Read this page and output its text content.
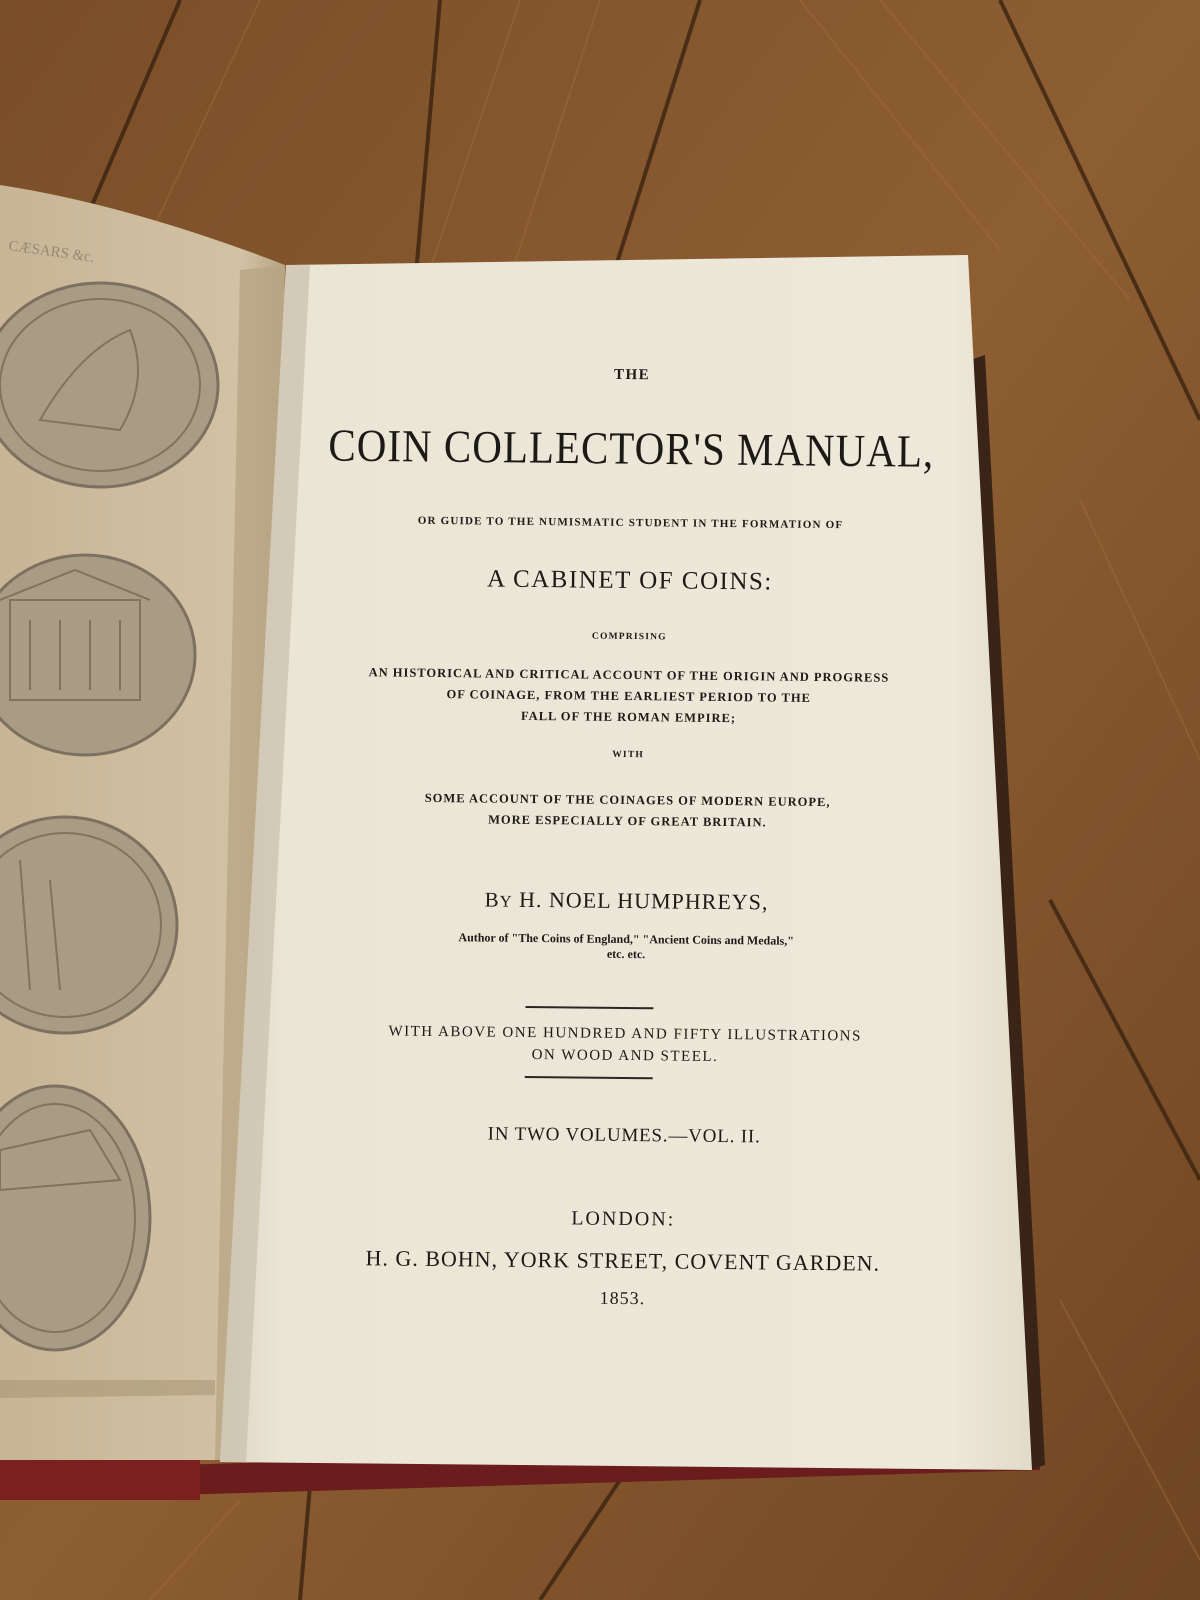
CÆSARS &c.

THE

COIN COLLECTOR'S MANUAL,

OR GUIDE TO THE NUMISMATIC STUDENT IN THE FORMATION OF

A CABINET OF COINS:

COMPRISING

AN HISTORICAL AND CRITICAL ACCOUNT OF THE ORIGIN AND PROGRESS
OF COINAGE, FROM THE EARLIEST PERIOD TO THE
FALL OF THE ROMAN EMPIRE;

WITH

SOME ACCOUNT OF THE COINAGES OF MODERN EUROPE,
MORE ESPECIALLY OF GREAT BRITAIN.

BY H. NOEL HUMPHREYS,

Author of "The Coins of England," "Ancient Coins and Medals,"
etc. etc.
WITH ABOVE ONE HUNDRED AND FIFTY ILLUSTRATIONS
ON WOOD AND STEEL.

IN TWO VOLUMES.—VOL. II.

LONDON:

H. G. BOHN, YORK STREET, COVENT GARDEN.

1853.
